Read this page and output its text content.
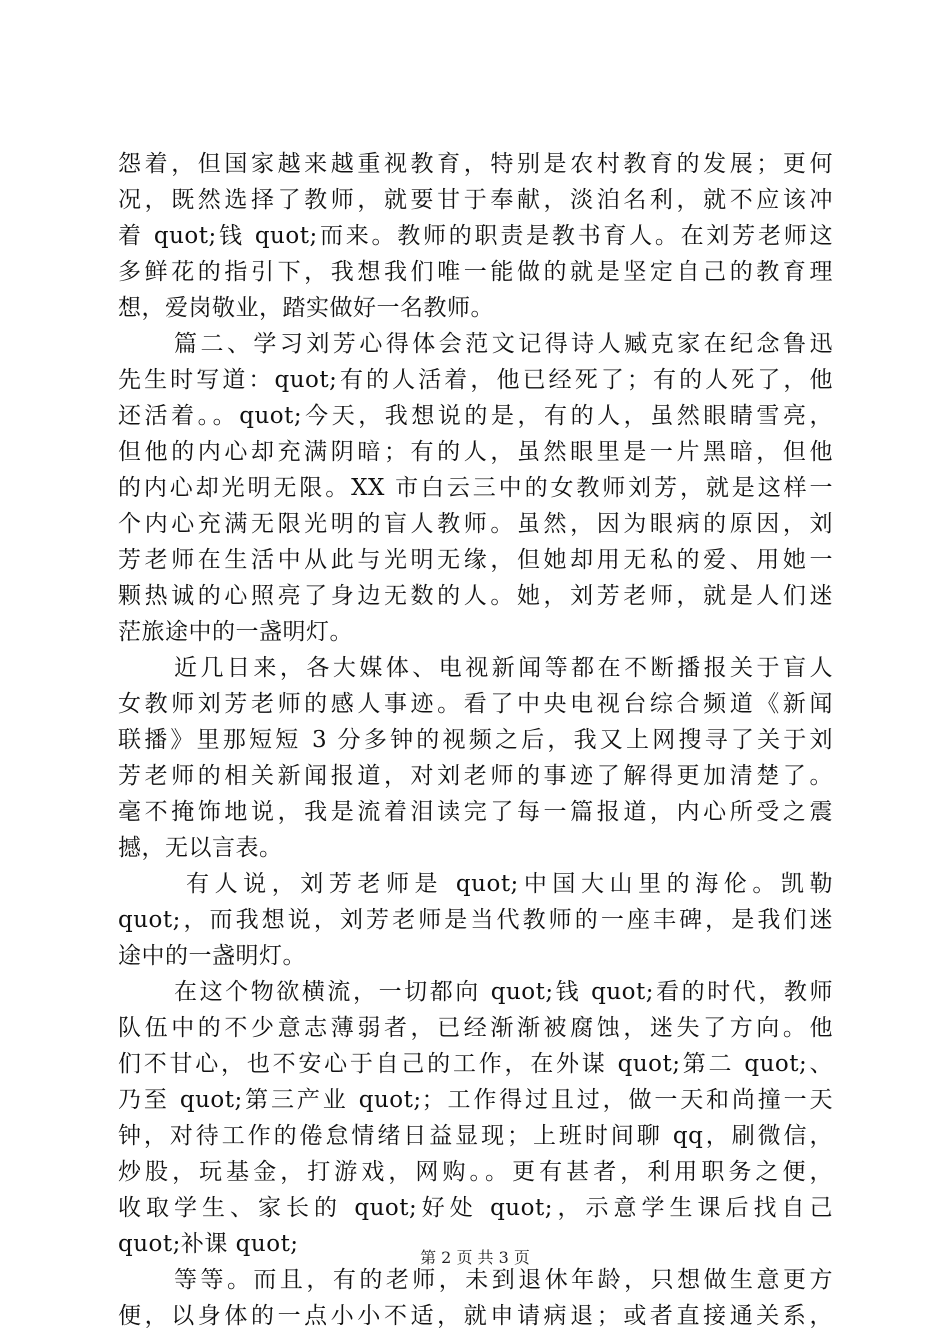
怨着，但国家越来越重视教育，特别是农村教育的发展；更何
况，既然选择了教师，就要甘于奉献，淡泊名利，就不应该冲
着 quot;钱 quot;而来。教师的职责是教书育人。在刘芳老师这
多鲜花的指引下，我想我们唯一能做的就是坚定自己的教育理
想，爱岗敬业，踏实做好一名教师。
篇二、学习刘芳心得体会范文记得诗人臧克家在纪念鲁迅
先生时写道：quot;有的人活着，他已经死了；有的人死了，他
还活着。。quot;今天，我想说的是，有的人，虽然眼睛雪亮，
但他的内心却充满阴暗；有的人，虽然眼里是一片黑暗，但他
的内心却光明无限。XX 市白云三中的女教师刘芳，就是这样一
个内心充满无限光明的盲人教师。虽然，因为眼病的原因，刘
芳老师在生活中从此与光明无缘，但她却用无私的爱、用她一
颗热诚的心照亮了身边无数的人。她，刘芳老师，就是人们迷
茫旅途中的一盏明灯。
近几日来，各大媒体、电视新闻等都在不断播报关于盲人
女教师刘芳老师的感人事迹。看了中央电视台综合频道《新闻
联播》里那短短 3 分多钟的视频之后，我又上网搜寻了关于刘
芳老师的相关新闻报道，对刘老师的事迹了解得更加清楚了。
毫不掩饰地说，我是流着泪读完了每一篇报道，内心所受之震
撼，无以言表。
有人说，刘芳老师是 quot;中国大山里的海伦。凯勒
quot;，而我想说，刘芳老师是当代教师的一座丰碑，是我们迷
途中的一盏明灯。
在这个物欲横流，一切都向 quot;钱 quot;看的时代，教师
队伍中的不少意志薄弱者，已经渐渐被腐蚀，迷失了方向。他
们不甘心，也不安心于自己的工作，在外谋 quot;第二 quot;、
乃至 quot;第三产业 quot;；工作得过且过，做一天和尚撞一天
钟，对待工作的倦怠情绪日益显现；上班时间聊 qq，刷微信，
炒股，玩基金，打游戏，网购。。更有甚者，利用职务之便，
收取学生、家长的 quot;好处 quot;，示意学生课后找自己
quot;补课 quot;
等等。而且，有的老师，未到退休年龄，只想做生意更方
便，以身体的一点小小不适，就申请病退；或者直接通关系，
第 2 页 共 3 页
